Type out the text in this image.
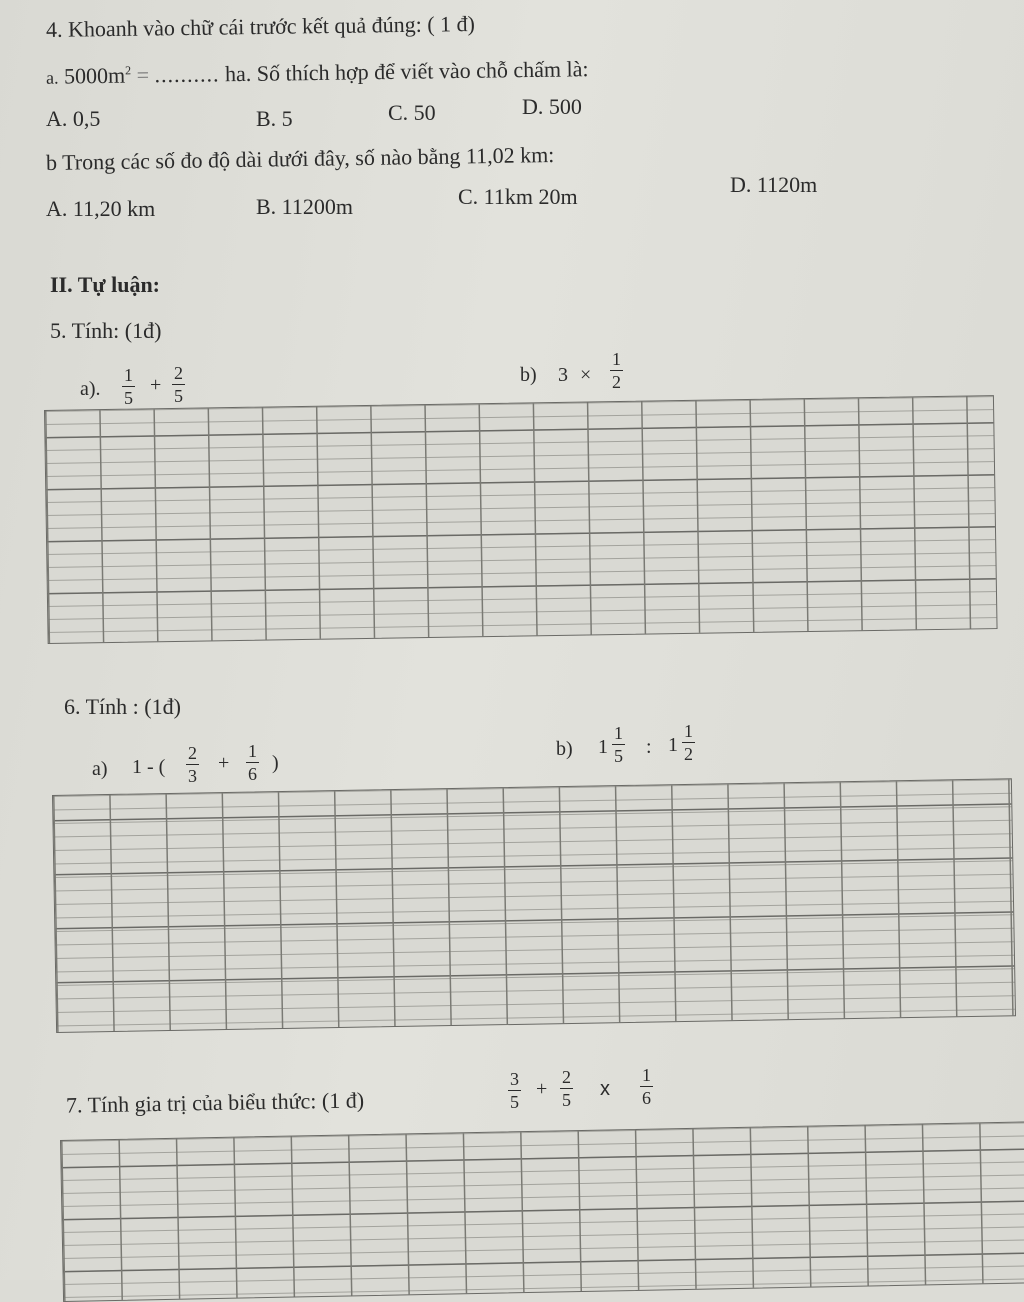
4. Khoanh vào chữ cái trước kết quả đúng: ( 1 đ)
a. $5000m^2$ = .......... ha. Số thích hợp để viết vào chỗ chấm là:
A. 0,5	B. 5	C. 50	D. 500
b Trong các số đo độ dài dưới đây, số nào bằng 11,02 km:
A. 11,20 km	B. 11200m	C. 11km 20m	D. 1120m
II. Tự luận:
5. Tính: (1đ)
a). $\frac{1}{5} + \frac{2}{5}$	b) $3 \times \frac{1}{2}$
6. Tính : (1đ)
a) 1 - ( $\frac{2}{3} + \frac{1}{6}$ )
b) $1 \frac{1}{5}$ : $1 \frac{1}{2}$
7. Tính gia trị của biểu thức: (1 đ)	$\frac{3}{5} + \frac{2}{5}$ x $\frac{1}{6}$
